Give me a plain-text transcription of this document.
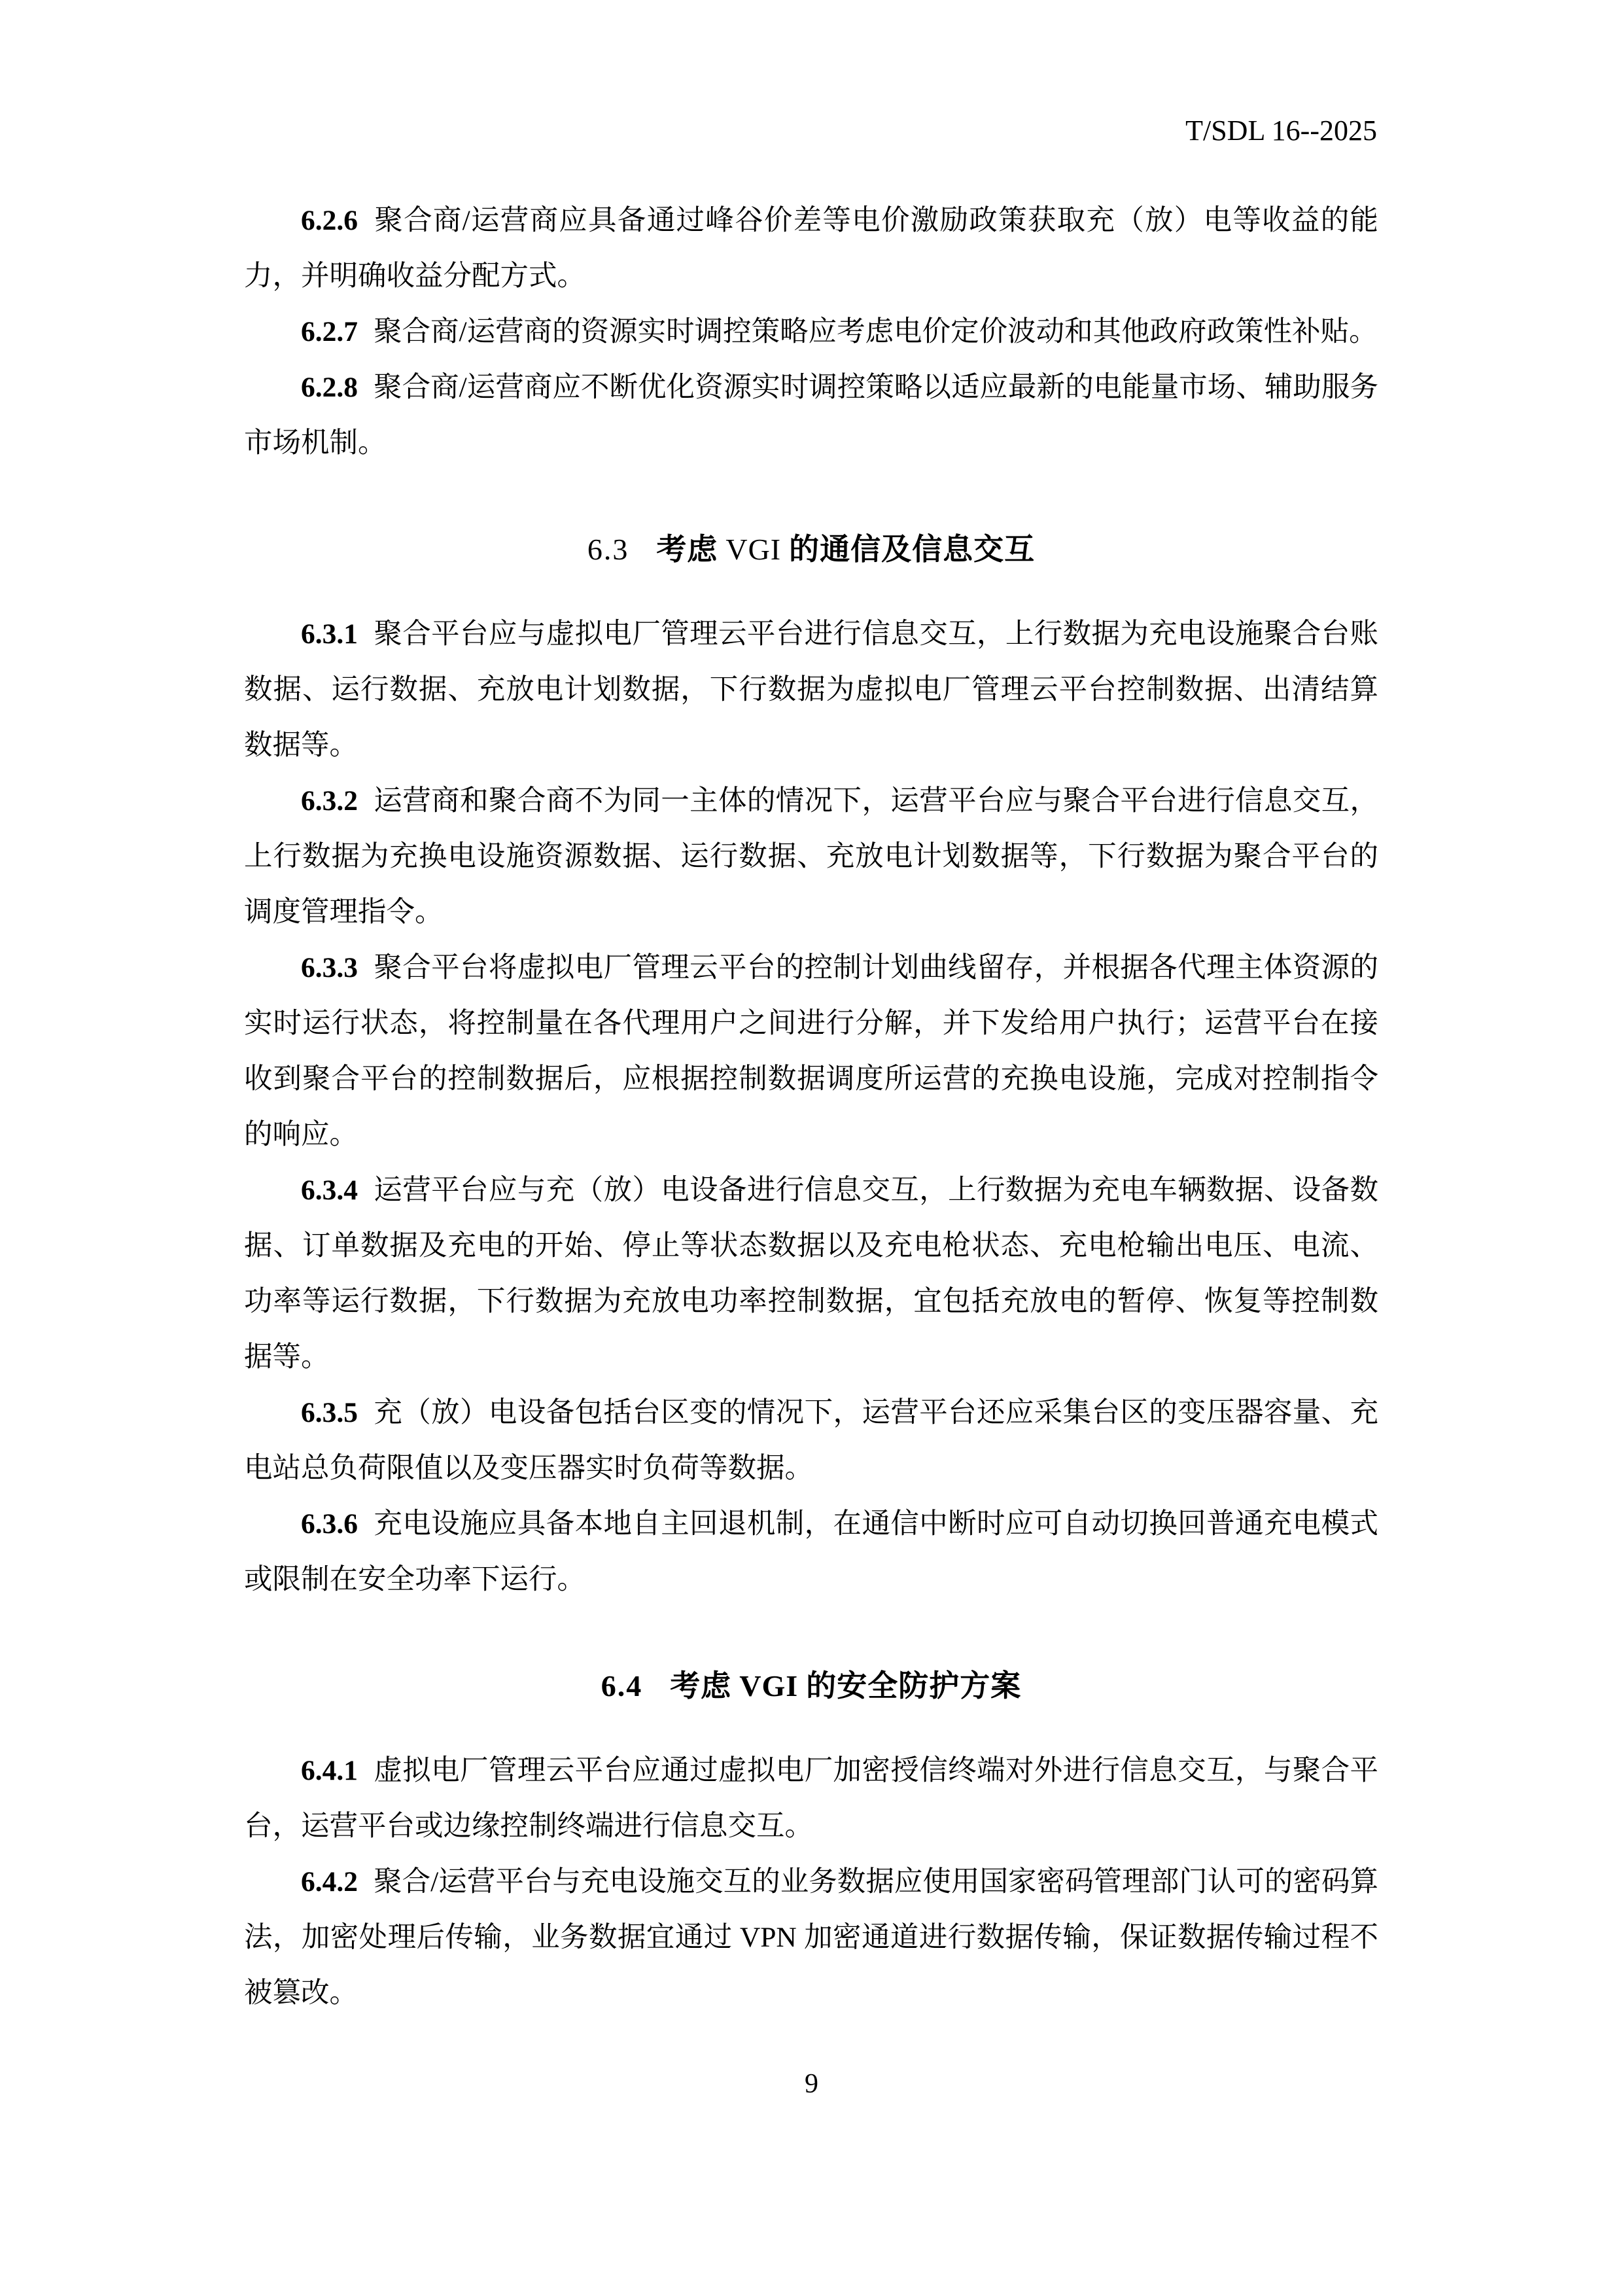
T/SDL 16--2025

6.2.6 聚合商/运营商应具备通过峰谷价差等电价激励政策获取充（放）电等收益的能力，并明确收益分配方式。

6.2.7 聚合商/运营商的资源实时调控策略应考虑电价定价波动和其他政府政策性补贴。

6.2.8 聚合商/运营商应不断优化资源实时调控策略以适应最新的电能量市场、辅助服务市场机制。

6.3 考虑 VGI 的通信及信息交互

6.3.1 聚合平台应与虚拟电厂管理云平台进行信息交互，上行数据为充电设施聚合台账数据、运行数据、充放电计划数据，下行数据为虚拟电厂管理云平台控制数据、出清结算数据等。

6.3.2 运营商和聚合商不为同一主体的情况下，运营平台应与聚合平台进行信息交互，上行数据为充换电设施资源数据、运行数据、充放电计划数据等，下行数据为聚合平台的调度管理指令。

6.3.3 聚合平台将虚拟电厂管理云平台的控制计划曲线留存，并根据各代理主体资源的实时运行状态，将控制量在各代理用户之间进行分解，并下发给用户执行；运营平台在接收到聚合平台的控制数据后，应根据控制数据调度所运营的充换电设施，完成对控制指令的响应。

6.3.4 运营平台应与充（放）电设备进行信息交互，上行数据为充电车辆数据、设备数据、订单数据及充电的开始、停止等状态数据以及充电枪状态、充电枪输出电压、电流、功率等运行数据，下行数据为充放电功率控制数据，宜包括充放电的暂停、恢复等控制数据等。

6.3.5 充（放）电设备包括台区变的情况下，运营平台还应采集台区的变压器容量、充电站总负荷限值以及变压器实时负荷等数据。

6.3.6 充电设施应具备本地自主回退机制，在通信中断时应可自动切换回普通充电模式或限制在安全功率下运行。

6.4 考虑 VGI 的安全防护方案

6.4.1 虚拟电厂管理云平台应通过虚拟电厂加密授信终端对外进行信息交互，与聚合平台，运营平台或边缘控制终端进行信息交互。

6.4.2 聚合/运营平台与充电设施交互的业务数据应使用国家密码管理部门认可的密码算法，加密处理后传输，业务数据宜通过 VPN 加密通道进行数据传输，保证数据传输过程不被篡改。

9
